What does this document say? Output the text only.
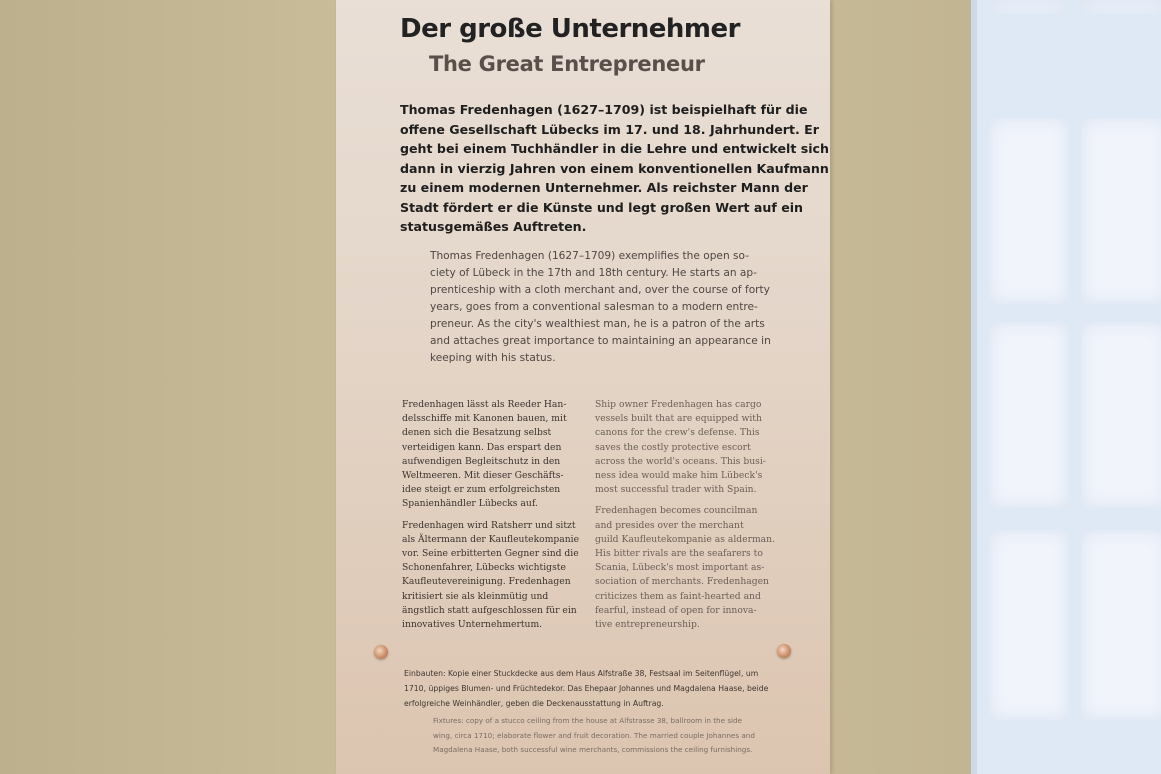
Der große Unternehmer
The Great Entrepreneur
Thomas Fredenhagen (1627–1709) ist beispielhaft für die
offene Gesellschaft Lübecks im 17. und 18. Jahrhundert. Er
geht bei einem Tuchhändler in die Lehre und entwickelt sich
dann in vierzig Jahren von einem konventionellen Kaufmann
zu einem modernen Unternehmer. Als reichster Mann der
Stadt fördert er die Künste und legt großen Wert auf ein
statusgemäßes Auftreten.
Thomas Fredenhagen (1627–1709) exemplifies the open so-
ciety of Lübeck in the 17th and 18th century. He starts an ap-
prenticeship with a cloth merchant and, over the course of forty
years, goes from a conventional salesman to a modern entre-
preneur. As the city's wealthiest man, he is a patron of the arts
and attaches great importance to maintaining an appearance in
keeping with his status.
Fredenhagen lässt als Reeder Han-
delsschiffe mit Kanonen bauen, mit
denen sich die Besatzung selbst
verteidigen kann. Das erspart den
aufwendigen Begleitschutz in den
Weltmeeren. Mit dieser Geschäfts-
idee steigt er zum erfolgreichsten
Spanienhändler Lübecks auf.
Fredenhagen wird Ratsherr und sitzt
als Ältermann der Kaufleutekompanie
vor. Seine erbitterten Gegner sind die
Schonenfahrer, Lübecks wichtigste
Kaufleutevereinigung. Fredenhagen
kritisiert sie als kleinmütig und
ängstlich statt aufgeschlossen für ein
innovatives Unternehmertum.
Ship owner Fredenhagen has cargo
vessels built that are equipped with
canons for the crew's defense. This
saves the costly protective escort
across the world's oceans. This busi-
ness idea would make him Lübeck's
most successful trader with Spain.
Fredenhagen becomes councilman
and presides over the merchant
guild Kaufleutekompanie as alderman.
His bitter rivals are the seafarers to
Scania, Lübeck's most important as-
sociation of merchants. Fredenhagen
criticizes them as faint-hearted and
fearful, instead of open for innova-
tive entrepreneurship.
Einbauten: Kopie einer Stuckdecke aus dem Haus Alfstraße 38, Festsaal im Seitenflügel, um
1710, üppiges Blumen- und Früchtedekor. Das Ehepaar Johannes und Magdalena Haase, beide
erfolgreiche Weinhändler, geben die Deckenausstattung in Auftrag.
Fixtures: copy of a stucco ceiling from the house at Alfstrasse 38, ballroom in the side
wing, circa 1710; elaborate flower and fruit decoration. The married couple Johannes and
Magdalena Haase, both successful wine merchants, commissions the ceiling furnishings.
